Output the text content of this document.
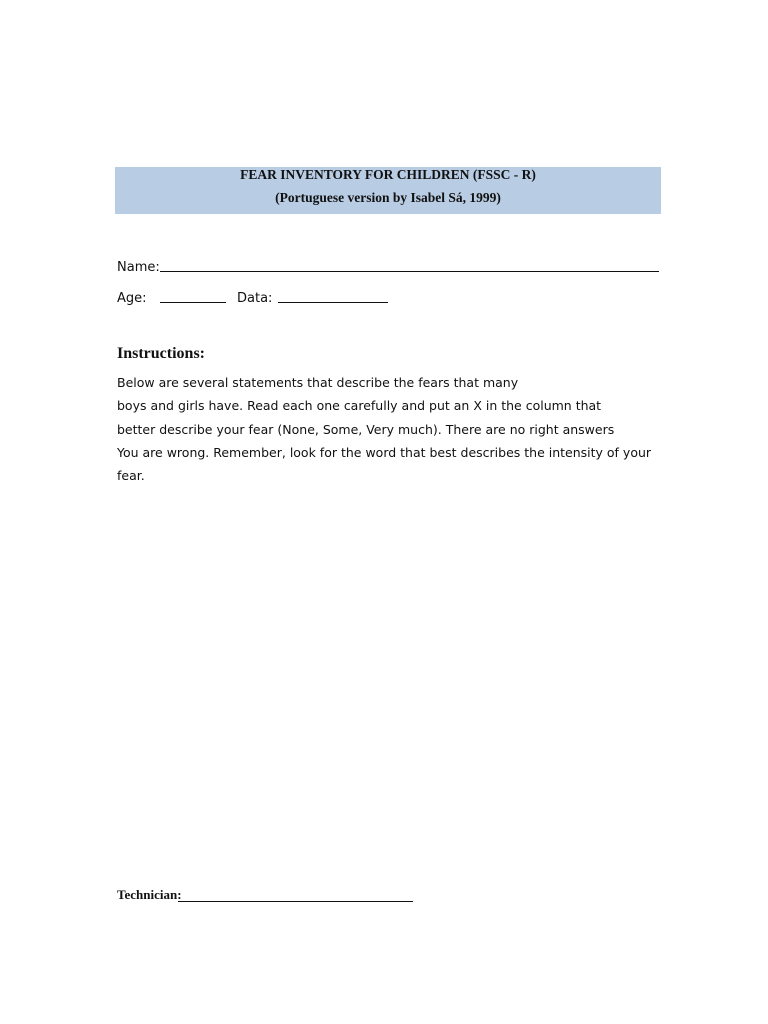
FEAR INVENTORY FOR CHILDREN (FSSC - R)
(Portuguese version by Isabel Sá, 1999)
Name:
Age:	Data:
Instructions:
Below are several statements that describe the fears that many
boys and girls have. Read each one carefully and put an X in the column that
better describe your fear (None, Some, Very much). There are no right answers
You are wrong. Remember, look for the word that best describes the intensity of your
fear.
Technician:
